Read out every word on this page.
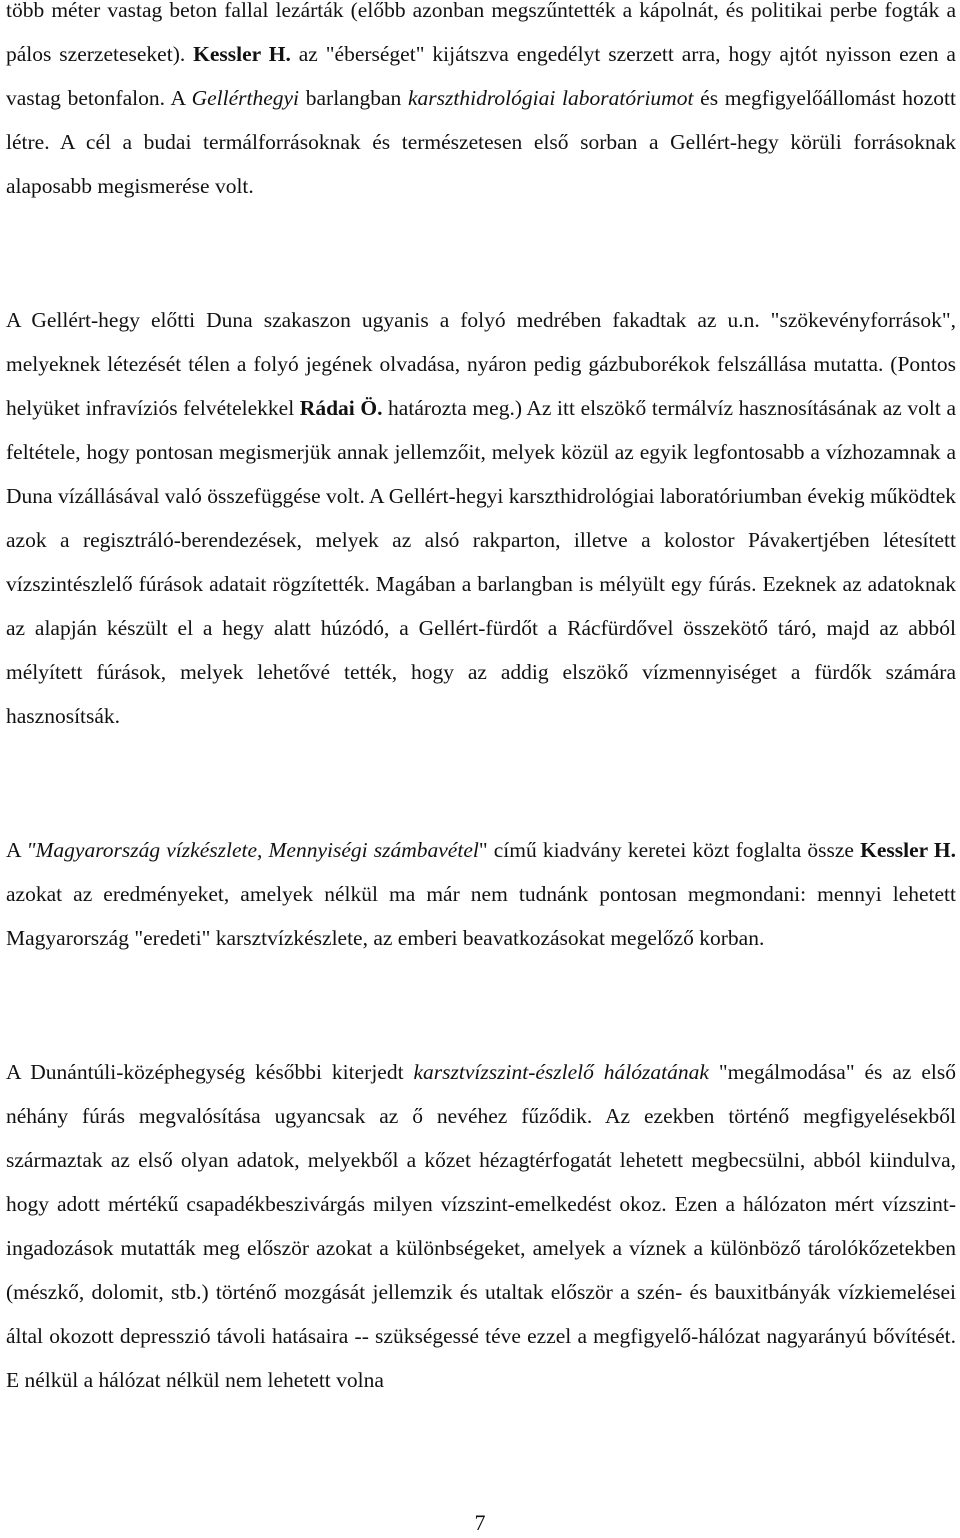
több méter vastag beton fallal lezárták (előbb azonban megszűntették a kápolnát, és politikai perbe fogták a pálos szerzeteseket). Kessler H. az "éberséget" kijátszva engedélyt szerzett arra, hogy ajtót nyisson ezen a vastag betonfalon. A Gellérthegyi barlangban karszthidrológiai laboratóriumot és megfigyelőállomást hozott létre. A cél a budai termálforrásoknak és természetesen első sorban a Gellért-hegy körüli forrásoknak alaposabb megismerése volt.

A Gellért-hegy előtti Duna szakaszon ugyanis a folyó medrében fakadtak az u.n. "szökevényforrások", melyeknek létezését télen a folyó jegének olvadása, nyáron pedig gázbuborékok felszállása mutatta. (Pontos helyüket infravíziós felvételekkel Rádai Ö. határozta meg.) Az itt elszökő termálvíz hasznosításának az volt a feltétele, hogy pontosan megismerjük annak jellemzőit, melyek közül az egyik legfontosabb a vízhozamnak a Duna vízállásával való összefüggése volt. A Gellért-hegyi karszthidrológiai laboratóriumban évekig működtek azok a regisztráló-berendezések, melyek az alsó rakparton, illetve a kolostor Pávakertjében létesített vízszintészlelő fúrások adatait rögzítették. Magában a barlangban is mélyült egy fúrás. Ezeknek az adatoknak az alapján készült el a hegy alatt húzódó, a Gellért-fürdőt a Rácfürdővel összekötő táró, majd az abból mélyített fúrások, melyek lehetővé tették, hogy az addig elszökő vízmennyiséget a fürdők számára hasznosítsák.

A "Magyarország vízkészlete, Mennyiségi számbavétel" című kiadvány keretei közt foglalta össze Kessler H. azokat az eredményeket, amelyek nélkül ma már nem tudnánk pontosan megmondani: mennyi lehetett Magyarország "eredeti" karsztvízkészlete, az emberi beavatkozásokat megelőző korban.

A Dunántúli-középhegység későbbi kiterjedt karsztvízszint-észlelő hálózatának "megálmodása" és az első néhány fúrás megvalósítása ugyancsak az ő nevéhez fűződik. Az ezekben történő megfigyelésekből származtak az első olyan adatok, melyekből a kőzet hézagtérfogatát lehetett megbecsülni, abból kiindulva, hogy adott mértékű csapadékbeszivárgás milyen vízszint-emelkedést okoz. Ezen a hálózaton mért vízszint-ingadozások mutatták meg először azokat a különbségeket, amelyek a víznek a különböző tárolókőzetekben (mészkő, dolomit, stb.) történő mozgását jellemzik és utaltak először a szén- és bauxitbányák vízkiemelései által okozott depresszió távoli hatásaira -- szükségessé téve ezzel a megfigyelő-hálózat nagyarányú bővítését. E nélkül a hálózat nélkül nem lehetett volna

7
